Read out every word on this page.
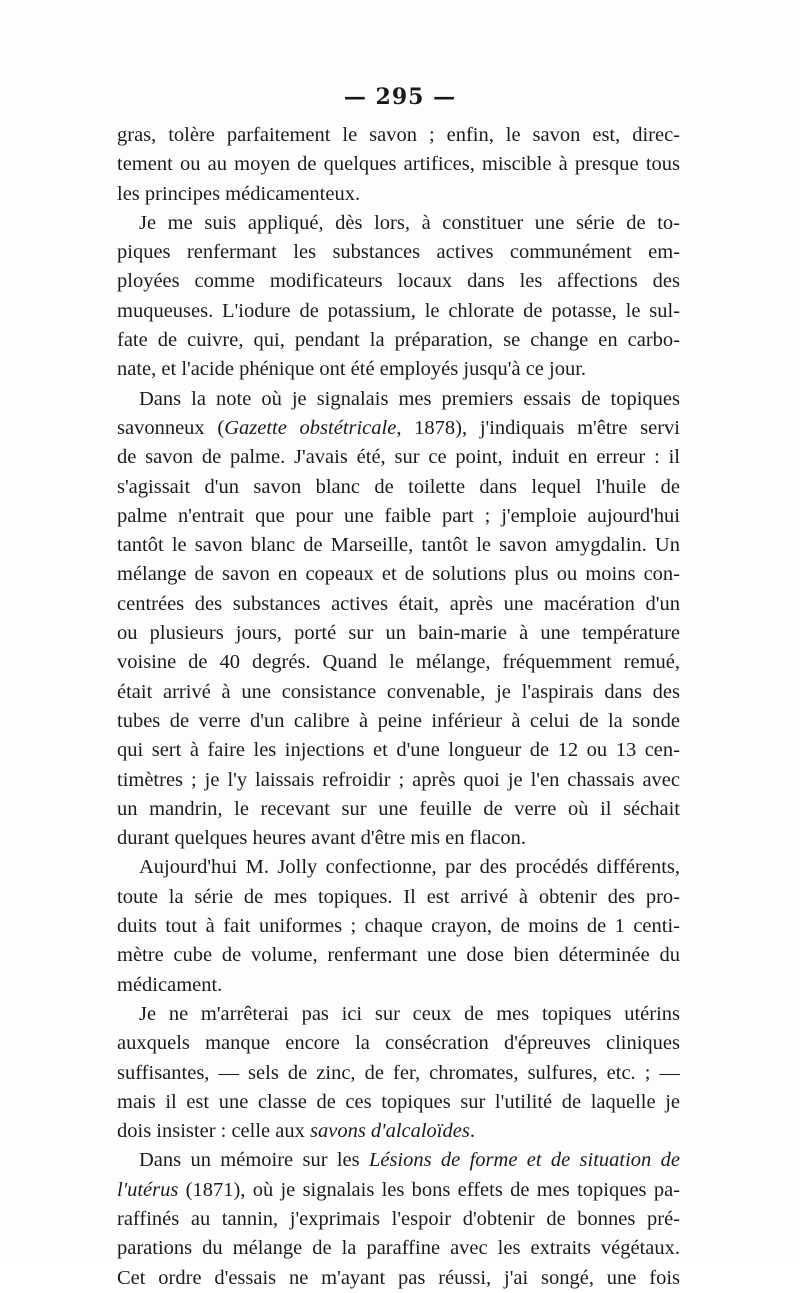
— 295 —
gras, tolère parfaitement le savon ; enfin, le savon est, direc-
tement ou au moyen de quelques artifices, miscible à presque tous
les principes médicamenteux.
Je me suis appliqué, dès lors, à constituer une série de to-
piques renfermant les substances actives communément em-
ployées comme modificateurs locaux dans les affections des
muqueuses. L'iodure de potassium, le chlorate de potasse, le sul-
fate de cuivre, qui, pendant la préparation, se change en carbo-
nate, et l'acide phénique ont été employés jusqu'à ce jour.
Dans la note où je signalais mes premiers essais de topiques
savonneux (Gazette obstétricale, 1878), j'indiquais m'être servi
de savon de palme. J'avais été, sur ce point, induit en erreur : il
s'agissait d'un savon blanc de toilette dans lequel l'huile de
palme n'entrait que pour une faible part ; j'emploie aujourd'hui
tantôt le savon blanc de Marseille, tantôt le savon amygdalin. Un
mélange de savon en copeaux et de solutions plus ou moins con-
centrées des substances actives était, après une macération d'un
ou plusieurs jours, porté sur un bain-marie à une température
voisine de 40 degrés. Quand le mélange, fréquemment remué,
était arrivé à une consistance convenable, je l'aspirais dans des
tubes de verre d'un calibre à peine inférieur à celui de la sonde
qui sert à faire les injections et d'une longueur de 12 ou 13 cen-
timètres ; je l'y laissais refroidir ; après quoi je l'en chassais avec
un mandrin, le recevant sur une feuille de verre où il séchait
durant quelques heures avant d'être mis en flacon.
Aujourd'hui M. Jolly confectionne, par des procédés différents,
toute la série de mes topiques. Il est arrivé à obtenir des pro-
duits tout à fait uniformes ; chaque crayon, de moins de 1 centi-
mètre cube de volume, renfermant une dose bien déterminée du
médicament.
Je ne m'arrêterai pas ici sur ceux de mes topiques utérins
auxquels manque encore la consécration d'épreuves cliniques
suffisantes, — sels de zinc, de fer, chromates, sulfures, etc. ; —
mais il est une classe de ces topiques sur l'utilité de laquelle je
dois insister : celle aux savons d'alcaloïdes.
Dans un mémoire sur les Lésions de forme et de situation de
l'utérus (1871), où je signalais les bons effets de mes topiques pa-
raffinés au tannin, j'exprimais l'espoir d'obtenir de bonnes pré-
parations du mélange de la paraffine avec les extraits végétaux.
Cet ordre d'essais ne m'ayant pas réussi, j'ai songé, une fois
